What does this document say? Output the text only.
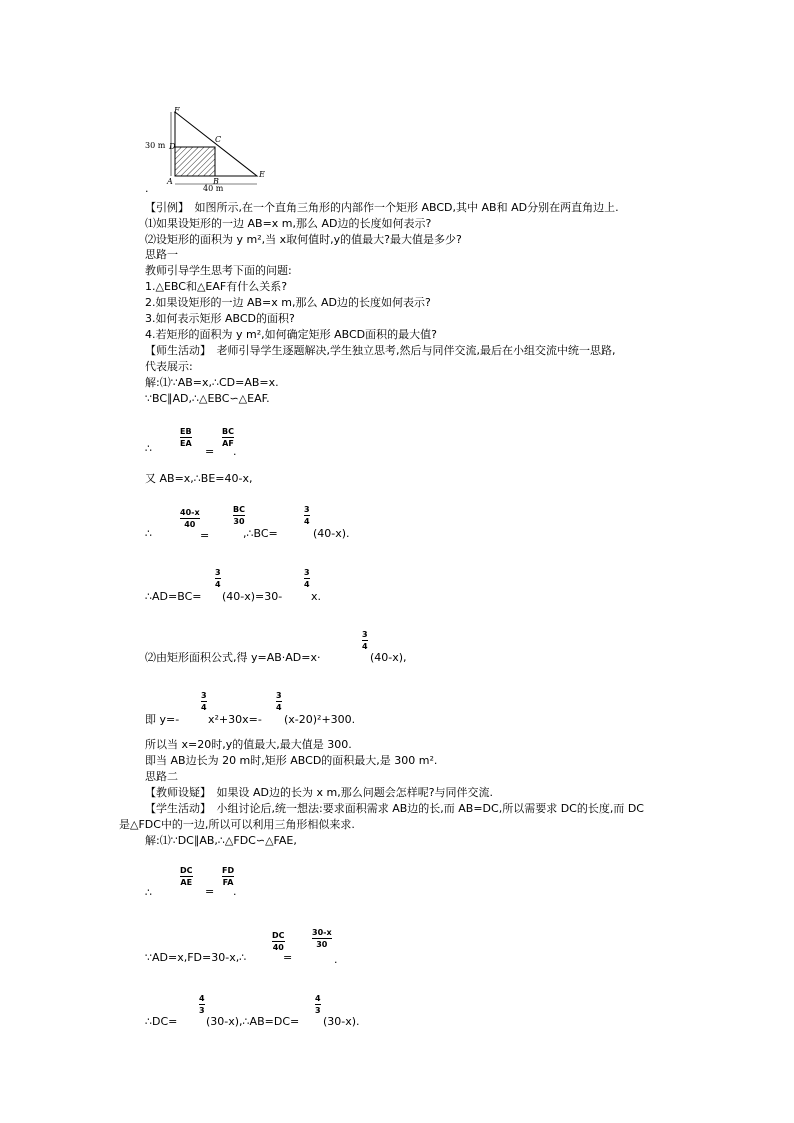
F
C
D
A	B
E
30 m
40 m
.
【引例】　如图所示,在一个直角三角形的内部作一个矩形 ABCD,其中 AB和 AD分别在两直角边上.
⑴如果设矩形的一边 AB=x m,那么 AD边的长度如何表示?
⑵设矩形的面积为 y m²,当 x取何值时,y的值最大?最大值是多少?
思路一
教师引导学生思考下面的问题:
1.△EBC和△EAF有什么关系?
2.如果设矩形的一边 AB=x m,那么 AD边的长度如何表示?
3.如何表示矩形 ABCD的面积?
4.若矩形的面积为 y m²,如何确定矩形 ABCD面积的最大值?
【师生活动】　老师引导学生逐题解决,学生独立思考,然后与同伴交流,最后在小组交流中统一思路,
代表展示:
解:⑴∵AB=x,∴CD=AB=x.
∵BC∥AD,∴△EBC∽△EAF.
∴
EB
EA
=
BC
AF
.
又 AB=x,∴BE=40-x,
∴
40-x
40
=
BC
30
,∴BC=
3
4
(40-x).
∴AD=BC=
3
4
(40-x)=30-
3
4
x.
⑵由矩形面积公式,得 y=AB·AD=x·
3
4
(40-x),
即 y=-
3
4
x²+30x=-
3
4
(x-20)²+300.
所以当 x=20时,y的值最大,最大值是 300.
即当 AB边长为 20 m时,矩形 ABCD的面积最大,是 300 m².
思路二
【教师设疑】　如果设 AD边的长为 x m,那么问题会怎样呢?与同伴交流.
【学生活动】　小组讨论后,统一想法:要求面积需求 AB边的长,而 AB=DC,所以需要求 DC的长度,而 DC
是△FDC中的一边,所以可以利用三角形相似来求.
解:⑴∵DC∥AB,∴△FDC∽△FAE,
∴
DC
AE
=
FD
FA
.
∵AD=x,FD=30-x,∴
DC
40
=
30-x
30
.
∴DC=
4
3
(30-x),∴AB=DC=
4
3
(30-x).
